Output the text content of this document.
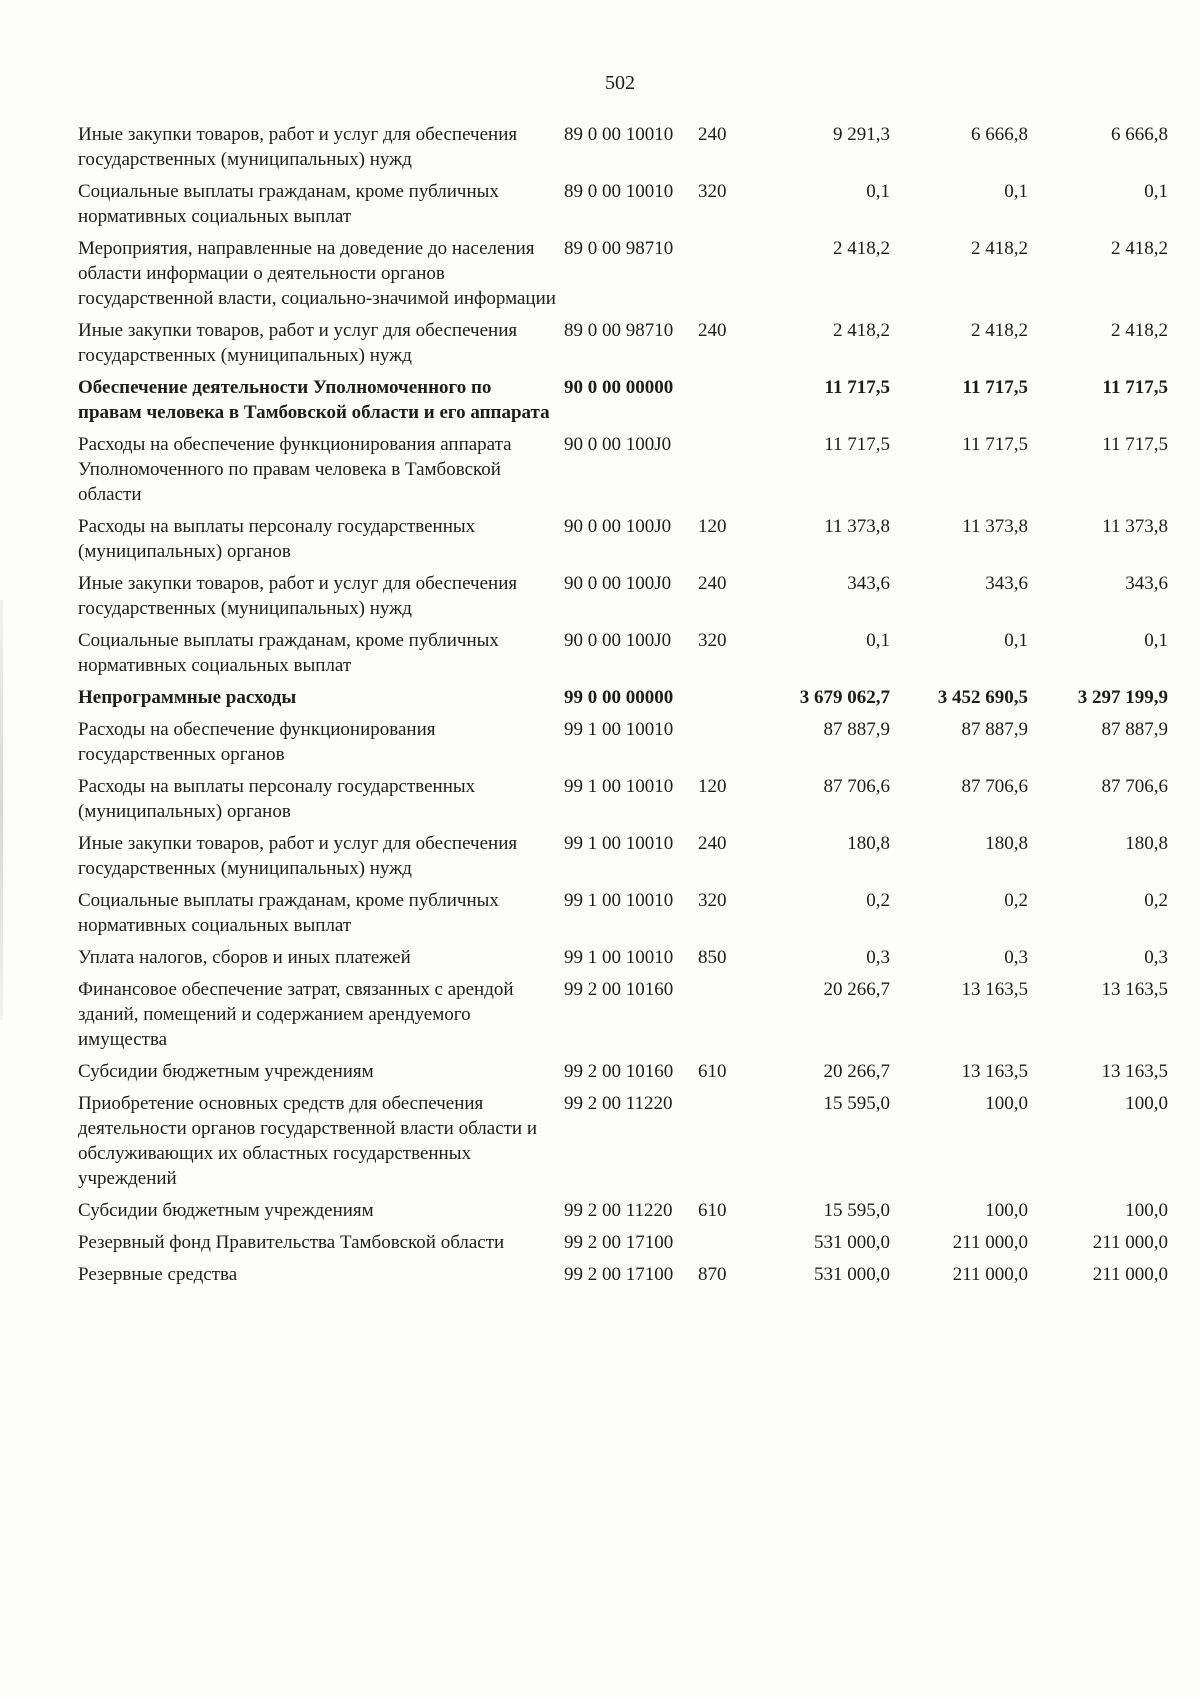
502
Иные закупки товаров, работ и услуг для обеспечения государственных (муниципальных) нужд	89 0 00 10010	240	9 291,3	6 666,8	6 666,8
Социальные выплаты гражданам, кроме публичных нормативных социальных выплат	89 0 00 10010	320	0,1	0,1	0,1
Мероприятия, направленные на доведение до населения области информации о деятельности органов государственной власти, социально-значимой информации	89 0 00 98710		2 418,2	2 418,2	2 418,2
Иные закупки товаров, работ и услуг для обеспечения государственных (муниципальных) нужд	89 0 00 98710	240	2 418,2	2 418,2	2 418,2
Обеспечение деятельности Уполномоченного по правам человека в Тамбовской области и его аппарата	90 0 00 00000		11 717,5	11 717,5	11 717,5
Расходы на обеспечение функционирования аппарата Уполномоченного по правам человека в Тамбовской области	90 0 00 100J0		11 717,5	11 717,5	11 717,5
Расходы на выплаты персоналу государственных (муниципальных) органов	90 0 00 100J0	120	11 373,8	11 373,8	11 373,8
Иные закупки товаров, работ и услуг для обеспечения государственных (муниципальных) нужд	90 0 00 100J0	240	343,6	343,6	343,6
Социальные выплаты гражданам, кроме публичных нормативных социальных выплат	90 0 00 100J0	320	0,1	0,1	0,1
Непрограммные расходы	99 0 00 00000		3 679 062,7	3 452 690,5	3 297 199,9
Расходы на обеспечение функционирования государственных органов	99 1 00 10010		87 887,9	87 887,9	87 887,9
Расходы на выплаты персоналу государственных (муниципальных) органов	99 1 00 10010	120	87 706,6	87 706,6	87 706,6
Иные закупки товаров, работ и услуг для обеспечения государственных (муниципальных) нужд	99 1 00 10010	240	180,8	180,8	180,8
Социальные выплаты гражданам, кроме публичных нормативных социальных выплат	99 1 00 10010	320	0,2	0,2	0,2
Уплата налогов, сборов и иных платежей	99 1 00 10010	850	0,3	0,3	0,3
Финансовое обеспечение затрат, связанных с арендой зданий, помещений и содержанием арендуемого имущества	99 2 00 10160		20 266,7	13 163,5	13 163,5
Субсидии бюджетным учреждениям	99 2 00 10160	610	20 266,7	13 163,5	13 163,5
Приобретение основных средств для обеспечения деятельности органов государственной власти области и обслуживающих их областных государственных учреждений	99 2 00 11220		15 595,0	100,0	100,0
Субсидии бюджетным учреждениям	99 2 00 11220	610	15 595,0	100,0	100,0
Резервный фонд Правительства Тамбовской области	99 2 00 17100		531 000,0	211 000,0	211 000,0
Резервные средства	99 2 00 17100	870	531 000,0	211 000,0	211 000,0
